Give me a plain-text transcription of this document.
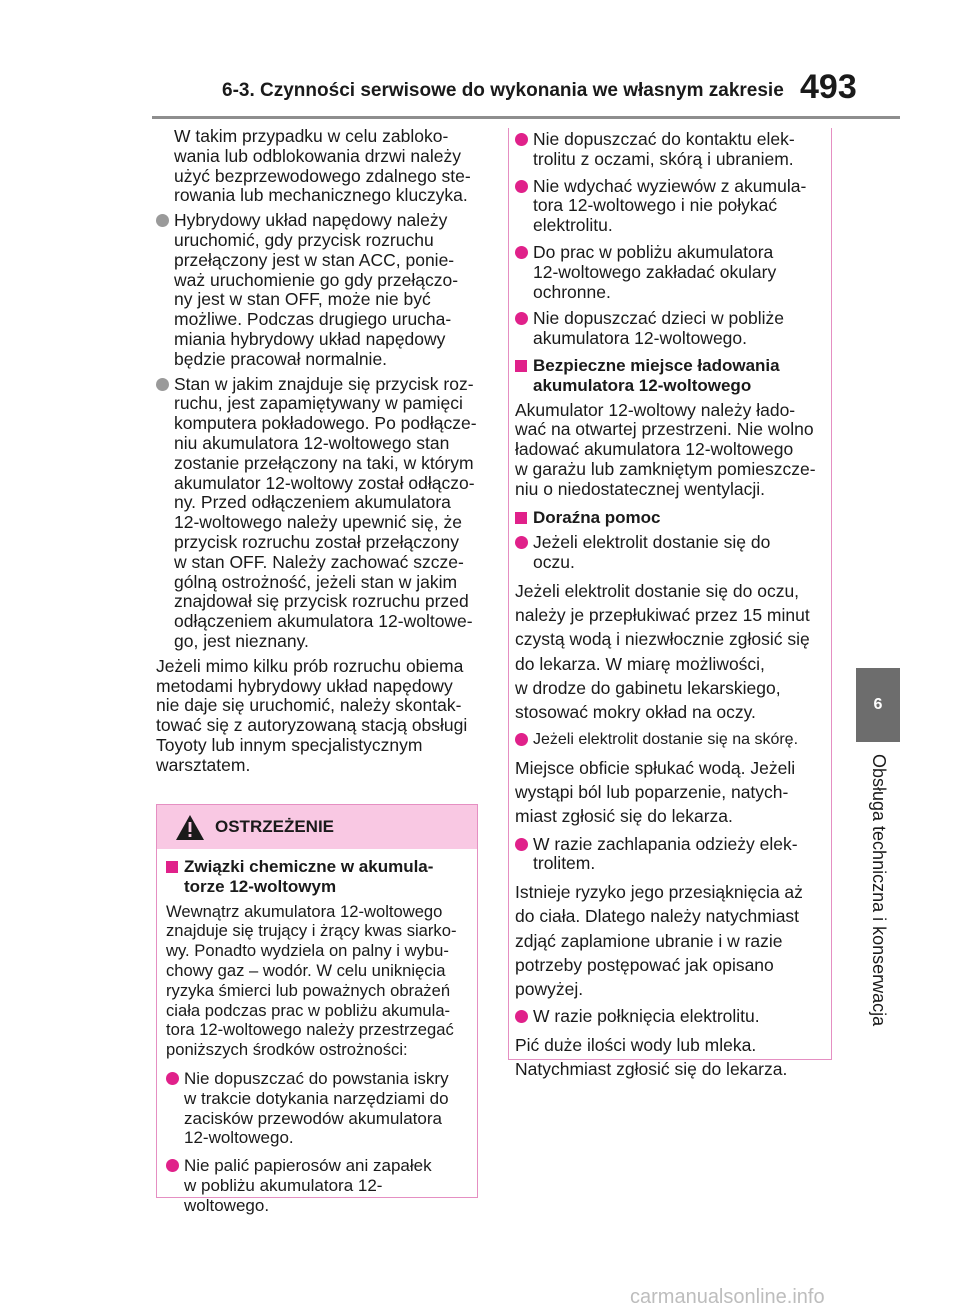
6-3. Czynności serwisowe do wykonania we własnym zakresie 493
6
Obsługa techniczna i konserwacja
W takim przypadku w celu zabloko-
wania lub odblokowania drzwi należy
użyć bezprzewodowego zdalnego ste-
rowania lub mechanicznego kluczyka.
Hybrydowy układ napędowy należy
uruchomić, gdy przycisk rozruchu
przełączony jest w stan ACC, ponie-
waż uruchomienie go gdy przełączo-
ny jest w stan OFF, może nie być
możliwe. Podczas drugiego urucha-
miania hybrydowy układ napędowy
będzie pracował normalnie.
Stan w jakim znajduje się przycisk roz-
ruchu, jest zapamiętywany w pamięci
komputera pokładowego. Po podłącze-
niu akumulatora 12-woltowego stan
zostanie przełączony na taki, w którym
akumulator 12-woltowy został odłączo-
ny. Przed odłączeniem akumulatora
12-woltowego należy upewnić się, że
przycisk rozruchu został przełączony
w stan OFF. Należy zachować szcze-
gólną ostrożność, jeżeli stan w jakim
znajdował się przycisk rozruchu przed
odłączeniem akumulatora 12-woltowe-
go, jest nieznany.
Jeżeli mimo kilku prób rozruchu obiema
metodami hybrydowy układ napędowy
nie daje się uruchomić, należy skontak-
tować się z autoryzowaną stacją obsługi
Toyoty lub innym specjalistycznym
warsztatem.
OSTRZEŻENIE
Związki chemiczne w akumula-
torze 12-woltowym
Wewnątrz akumulatora 12-woltowego
znajduje się trujący i żrący kwas siarko-
wy. Ponadto wydziela on palny i wybu-
chowy gaz – wodór. W celu uniknięcia
ryzyka śmierci lub poważnych obrażeń
ciała podczas prac w pobliżu akumula-
tora 12-woltowego należy przestrzegać
poniższych środków ostrożności:
Nie dopuszczać do powstania iskry
w trakcie dotykania narzędziami do
zacisków przewodów akumulatora
12-woltowego.
Nie palić papierosów ani zapałek
w pobliżu akumulatora 12-woltowego.
Nie dopuszczać do kontaktu elek-
trolitu z oczami, skórą i ubraniem.
Nie wdychać wyziewów z akumula-
tora 12-woltowego i nie połykać
elektrolitu.
Do prac w pobliżu akumulatora
12-woltowego zakładać okulary
ochronne.
Nie dopuszczać dzieci w pobliże
akumulatora 12-woltowego.
Bezpieczne miejsce ładowania
akumulatora 12-woltowego
Akumulator 12-woltowy należy łado-
wać na otwartej przestrzeni. Nie wolno
ładować akumulatora 12-woltowego
w garażu lub zamkniętym pomieszcze-
niu o niedostatecznej wentylacji.
Doraźna pomoc
Jeżeli elektrolit dostanie się do
oczu.
Jeżeli elektrolit dostanie się do oczu,
należy je przepłukiwać przez 15 minut
czystą wodą i niezwłocznie zgłosić się
do lekarza. W miarę możliwości,
w drodze do gabinetu lekarskiego,
stosować mokry okład na oczy.
Jeżeli elektrolit dostanie się na skórę.
Miejsce obficie spłukać wodą. Jeżeli
wystąpi ból lub poparzenie, natych-
miast zgłosić się do lekarza.
W razie zachlapania odzieży elek-
trolitem.
Istnieje ryzyko jego przesiąknięcia aż
do ciała. Dlatego należy natychmiast
zdjąć zaplamione ubranie i w razie
potrzeby postępować jak opisano
powyżej.
W razie połknięcia elektrolitu.
Pić duże ilości wody lub mleka.
Natychmiast zgłosić się do lekarza.
carmanualsonline.info
